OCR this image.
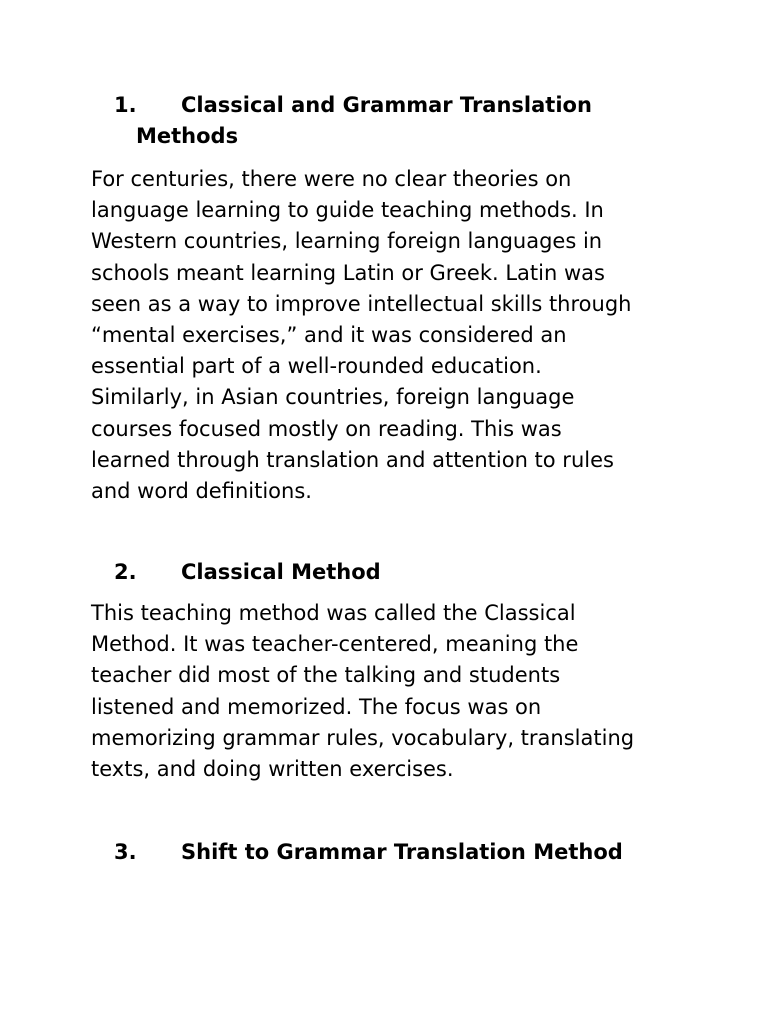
1. Classical and Grammar Translation
Methods
For centuries, there were no clear theories on
language learning to guide teaching methods. In
Western countries, learning foreign languages in
schools meant learning Latin or Greek. Latin was
seen as a way to improve intellectual skills through
“mental exercises,” and it was considered an
essential part of a well-rounded education.
Similarly, in Asian countries, foreign language
courses focused mostly on reading. This was
learned through translation and attention to rules
and word definitions.
2. Classical Method
This teaching method was called the Classical
Method. It was teacher-centered, meaning the
teacher did most of the talking and students
listened and memorized. The focus was on
memorizing grammar rules, vocabulary, translating
texts, and doing written exercises.
3. Shift to Grammar Translation Method
